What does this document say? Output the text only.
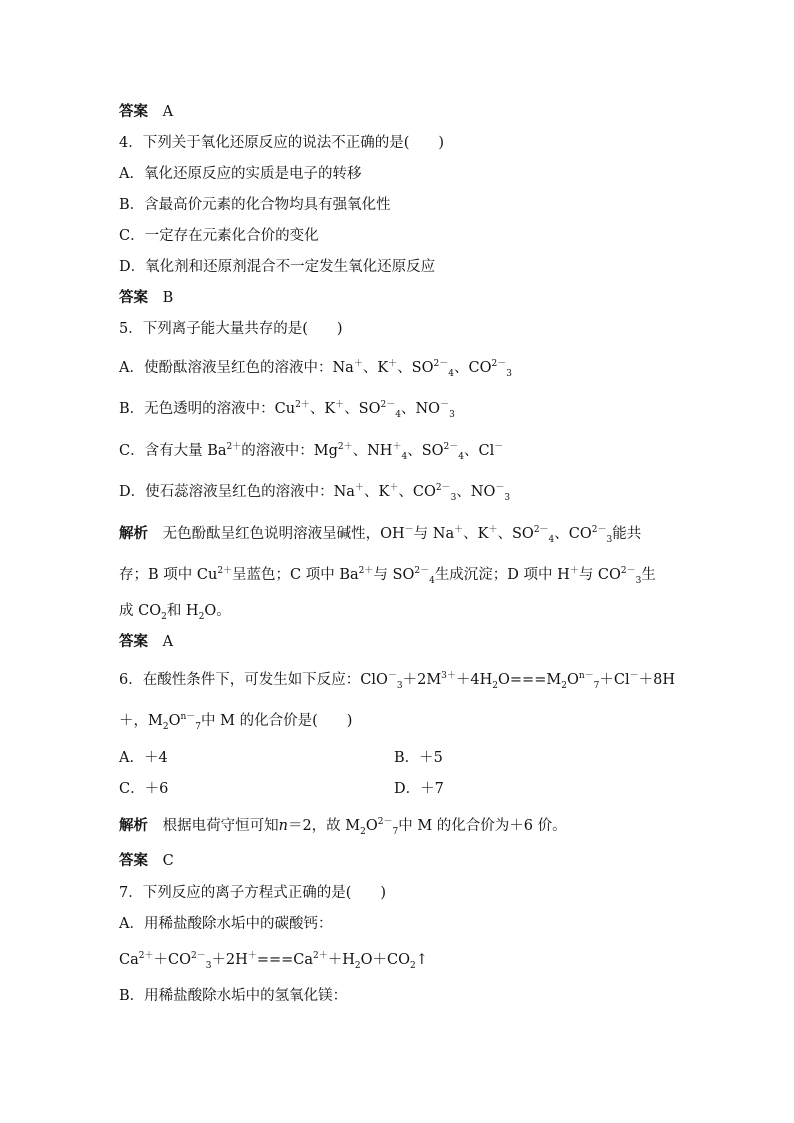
答案 A
4．下列关于氧化还原反应的说法不正确的是(　　)
A．氧化还原反应的实质是电子的转移
B．含最高价元素的化合物均具有强氧化性
C．一定存在元素化合价的变化
D．氧化剂和还原剂混合不一定发生氧化还原反应
答案 B
5．下列离子能大量共存的是(　　)
A．使酚酞溶液呈红色的溶液中：Na＋、K＋、$SO^{2-}_4$、$CO^{2-}_3$
B．无色透明的溶液中：$Cu^{2+}$、K＋、$SO^{2-}_4$、$NO^-_3$
C．含有大量 $Ba^{2+}$的溶液中：$Mg^{2+}$、$NH^+_4$、$SO^{2-}_4$、Cl－
D．使石蕊溶液呈红色的溶液中：Na＋、K＋、$CO^{2-}_3$、$NO^-_3$
解析 无色酚酞呈红色说明溶液呈碱性，OH－与 Na＋、K＋、$SO^{2-}_4$、$CO^{2-}_3$能共
存；B 项中 $Cu^{2+}$呈蓝色；C 项中 $Ba^{2+}$与 $SO^{2-}_4$生成沉淀；D 项中 H＋与 $CO^{2-}_3$生
成 $CO_2$和 $H_2O$。
答案 A
6．在酸性条件下，可发生如下反应：$ClO^-_3+2M^{3+}+4H_2O===M_2O^{n-}_7+Cl^-+8H$
＋，$M_2O^{n-}_7$中 M 的化合价是(　　)
A．＋4	B．＋5
C．＋6	D．＋7
解析 根据电荷守恒可知n＝2，故 $M_2O^{2-}_7$中 M 的化合价为＋6 价。
答案 C
7．下列反应的离子方程式正确的是(　　)
A．用稀盐酸除水垢中的碳酸钙：
$Ca^{2+}+CO^{2-}_3+2H^+===Ca^{2+}+H_2O+CO_2↑$
B．用稀盐酸除水垢中的氢氧化镁：
